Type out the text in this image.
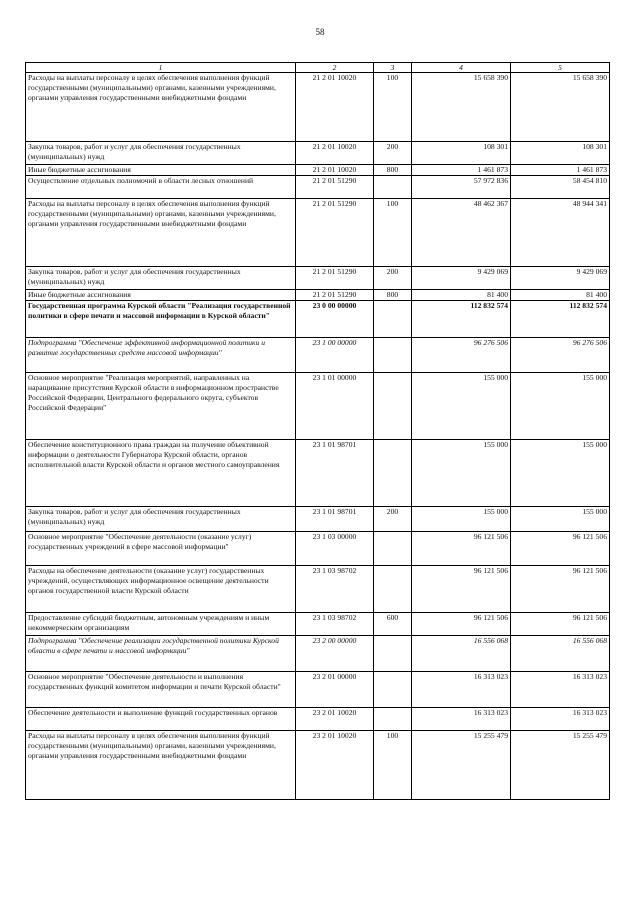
58
1	2	3	4	5
Расходы на выплаты персоналу в целях обеспечения выполнения функций государственными (муниципальными) органами, казенными учреждениями, органами управления государственными внебюджетными фондами	21 2 01 10020	100	15 658 390	15 658 390
Закупка товаров, работ и услуг для обеспечения государственных (муниципальных) нужд	21 2 01 10020	200	108 301	108 301
Иные бюджетные ассигнования	21 2 01 10020	800	1 461 873	1 461 873
Осуществление отдельных полномочий в области лесных отношений	21 2 01 51290		57 972 836	58 454 810
Расходы на выплаты персоналу в целях обеспечения выполнения функций государственными (муниципальными) органами, казенными учреждениями, органами управления государственными внебюджетными фондами	21 2 01 51290	100	48 462 367	48 944 341
Закупка товаров, работ и услуг для обеспечения государственных (муниципальных) нужд	21 2 01 51290	200	9 429 069	9 429 069
Иные бюджетные ассигнования	21 2 01 51290	800	81 400	81 400
Государственная программа Курской области "Реализация государственной политики в сфере печати и массовой информации в Курской области"	23 0 00 00000		112 832 574	112 832 574
Подпрограмма "Обеспечение эффективной информационной политики и развитие государственных средств массовой информации"	23 1 00 00000		96 276 506	96 276 506
Основное мероприятие "Реализация мероприятий, направленных на наращивание присутствия Курской области в информационном пространстве Российской Федерации, Центрального федерального округа, субъектов Российской Федерации"	23 1 01 00000		155 000	155 000
Обеспечение конституционного права граждан на получение объективной информации о деятельности Губернатора Курской области, органов исполнительной власти Курской области и органов местного самоуправления	23 1 01 98701		155 000	155 000
Закупка товаров, работ и услуг для обеспечения государственных (муниципальных) нужд	23 1 01 98701	200	155 000	155 000
Основное мероприятие "Обеспечение деятельности (оказание услуг) государственных учреждений в сфере массовой информации"	23 1 03 00000		96 121 506	96 121 506
Расходы на обеспечение деятельности (оказание услуг) государственных учреждений, осуществляющих информационное освещение деятельности органов государственной власти Курской области	23 1 03 98702		96 121 506	96 121 506
Предоставление субсидий бюджетным, автономным учреждениям и иным некоммерческим организациям	23 1 03 98702	600	96 121 506	96 121 506
Подпрограмма "Обеспечение реализации государственной политики Курской области в сфере печати и массовой информации"	23 2 00 00000		16 556 068	16 556 068
Основное мероприятие "Обеспечение деятельности и выполнения государственных функций комитетом информации и печати Курской области"	23 2 01 00000		16 313 023	16 313 023
Обеспечение деятельности и выполнение функций государственных органов	23 2 01 10020		16 313 023	16 313 023
Расходы на выплаты персоналу в целях обеспечения выполнения функций государственными (муниципальными) органами, казенными учреждениями, органами управления государственными внебюджетными фондами	23 2 01 10020	100	15 255 479	15 255 479
